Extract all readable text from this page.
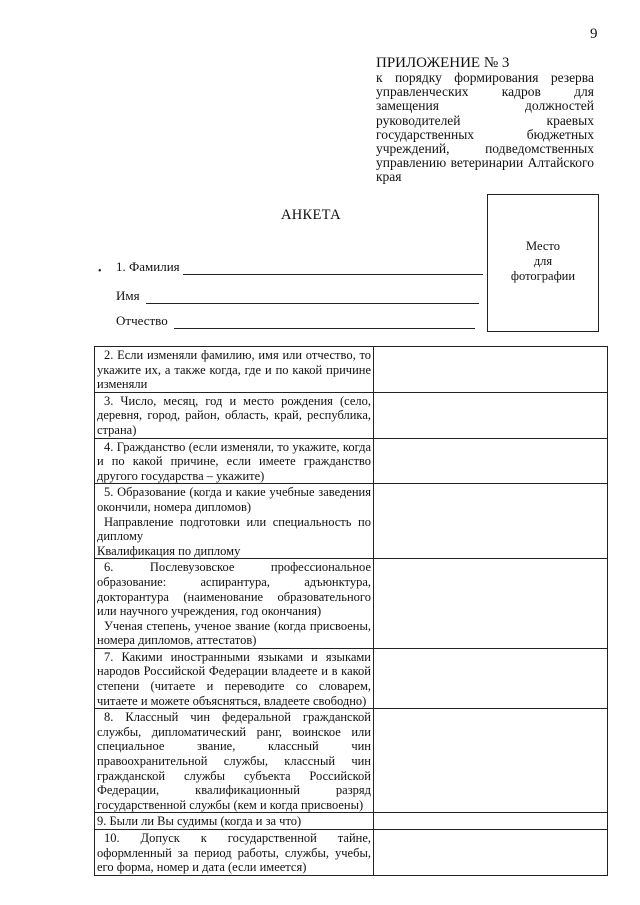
9

ПРИЛОЖЕНИЕ № 3

к порядку формирования резерва управленческих кадров для замещения должностей руководителей краевых государственных бюджетных учреждений, подведомственных управлению ветеринарии Алтайского края

АНКЕТА
Место
для
фотографии
• 1. Фамилия
Имя
Отчество

2. Если изменяли фамилию, имя или отчество, то укажите их, а также когда, где и по какой причине изменяли	

3. Число, месяц, год и место рождения (село, деревня, город, район, область, край, республика, страна)	

4. Гражданство (если изменяли, то укажите, когда и по какой причине, если имеете гражданство другого государства – укажите)	

5. Образование (когда и какие учебные заведения окончили, номера дипломов)

Направление подготовки или специальность по диплому

Квалификация по диплому	

6. Послевузовское профессиональное образование: аспирантура, адъюнктура, докторантура (наименование образовательного или научного учреждения, год окончания)

Ученая степень, ученое звание (когда присвоены, номера дипломов, аттестатов)	

7. Какими иностранными языками и языками народов Российской Федерации владеете и в какой степени (читаете и переводите со словарем, читаете и можете объясняться, владеете свободно)	

8. Классный чин федеральной гражданской службы, дипломатический ранг, воинское или специальное звание, классный чин правоохранительной службы, классный чин гражданской службы субъекта Российской Федерации, квалификационный разряд государственной службы (кем и когда присвоены)	

9. Были ли Вы судимы (когда и за что)	

10. Допуск к государственной тайне, оформленный за период работы, службы, учебы, его форма, номер и дата (если имеется)	
